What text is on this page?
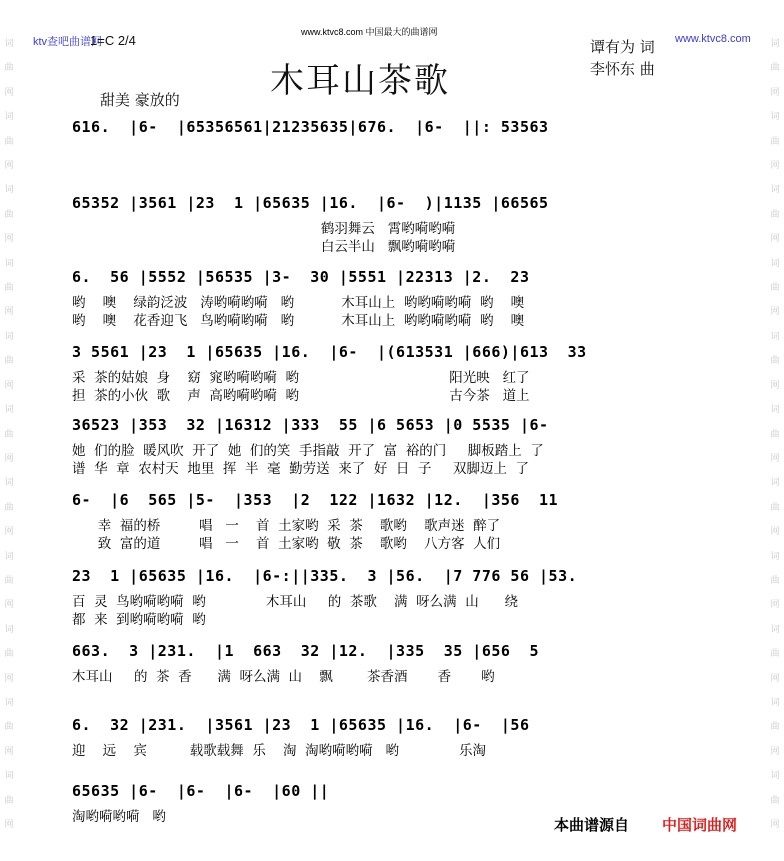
词
曲
网
词
曲
网
词
曲
网
词
曲
网
词
曲
网
词
曲
网
词
曲
网
词
曲
网
词
曲
网
词
曲
网
词
曲
网
词
曲
网
词
曲
网
词
曲
网
词
曲
网
词
曲
网
词
曲
网
词
曲
网
词
曲
网
词
曲
网
词
曲
网
词
曲
网
ktv查吧曲谱网
www.ktvc8.com 中国最大的曲谱网
www.ktvc8.com
1=C 2/4
木耳山茶歌
谭有为 词
李怀东 曲
甜美 豪放的
616.  |6-  |65356561|21235635|676.  |6-  ||: 53563
65352 |3561 |23  1 |65635 |16.  |6-  )|1135 |66565
鹤羽舞云   霄哟嗬哟嗬
白云半山   飘哟嗬哟嗬
6.  56 |5552 |56535 |3-  30 |5551 |22313 |2.  23
哟    噢    绿韵泛波   涛哟嗬哟嗬   哟           木耳山上  哟哟嗬哟嗬  哟    噢
哟    噢    花香迎飞   鸟哟嗬哟嗬   哟           木耳山上  哟哟嗬哟嗬  哟    噢
3 5561 |23  1 |65635 |16.  |6-  |(613531 |666)|613  33
采  茶的姑娘  身    窈  窕哟嗬哟嗬  哟                                   阳光映   红了
担  茶的小伙  歌    声  高哟嗬哟嗬  哟                                   古今茶   道上
36523 |353  32 |16312 |333  55 |6 5653 |0 5535 |6-
她  们的脸  暖风吹  开了  她  们的笑  手指敲  开了  富  裕的门     脚板踏上  了
谱  华  章  农村天  地里  挥  半  毫  勤劳送  来了  好  日  子     双脚迈上  了
6-  |6  565 |5-  |353  |2  122 |1632 |12.  |356  11
幸  福的桥         唱   一    首  土家哟  采  茶    歌哟    歌声迷  醉了
致  富的道         唱   一    首  土家哟  敬  茶    歌哟    八方客  人们
23  1 |65635 |16.  |6-:||335.  3 |56.  |7 776 56 |53.
百  灵  鸟哟嗬哟嗬  哟              木耳山     的  茶歌    满  呀么满  山      绕
都  来  到哟嗬哟嗬  哟
663.  3 |231.  |1  663  32 |12.  |335  35 |656  5
木耳山     的  茶  香      满  呀么满  山    飘        茶香酒       香       哟
6.  32 |231.  |3561 |23  1 |65635 |16.  |6-  |56
迎    远    宾          载歌载舞  乐    淘  淘哟嗬哟嗬   哟              乐淘
65635 |6-  |6-  |6-  |60 ||
淘哟嗬哟嗬   哟	本曲谱源自 中国词曲网
